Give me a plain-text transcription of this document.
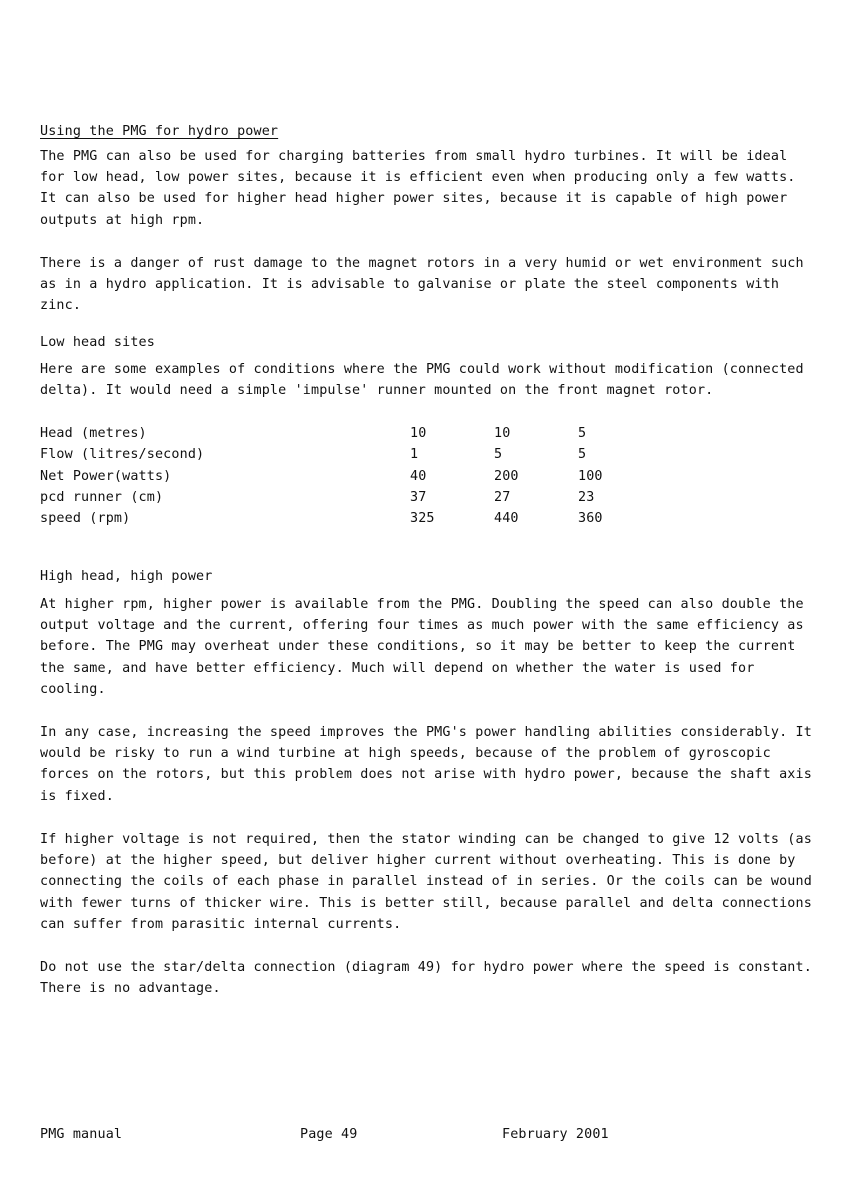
Using the PMG for hydro power
The PMG can also be used for charging batteries from small hydro turbines. It will be ideal for low head, low power sites, because it is efficient even when producing only a few watts. It can also be used for higher head higher power sites, because it is capable of high power outputs at high rpm.
There is a danger of rust damage to the magnet rotors in a very humid or wet environment such as in a hydro application. It is advisable to galvanise or plate the steel components with zinc.
Low head sites
Here are some examples of conditions where the PMG could work without modification (connected delta). It would need a simple 'impulse' runner mounted on the front magnet rotor.
Head (metres)	10	10	5
Flow (litres/second)	1	5	5
Net Power(watts)	40	200	100
pcd runner (cm)	37	27	23
speed (rpm)	325	440	360
High head, high power
At higher rpm, higher power is available from the PMG. Doubling the speed can also double the output voltage and the current, offering four times as much power with the same efficiency as before. The PMG may overheat under these conditions, so it may be better to keep the current the same, and have better efficiency. Much will depend on whether the water is used for cooling.
In any case, increasing the speed improves the PMG's power handling abilities considerably. It would be risky to run a wind turbine at high speeds, because of the problem of gyroscopic forces on the rotors, but this problem does not arise with hydro power, because the shaft axis is fixed.
If higher voltage is not required, then the stator winding can be changed to give 12 volts (as before) at the higher speed, but deliver higher current without overheating. This is done by connecting the coils of each phase in parallel instead of in series. Or the coils can be wound with fewer turns of thicker wire. This is better still, because parallel and delta connections can suffer from parasitic internal currents.
Do not use the star/delta connection (diagram 49) for hydro power where the speed is constant. There is no advantage.
PMG manual	Page 49	February 2001
